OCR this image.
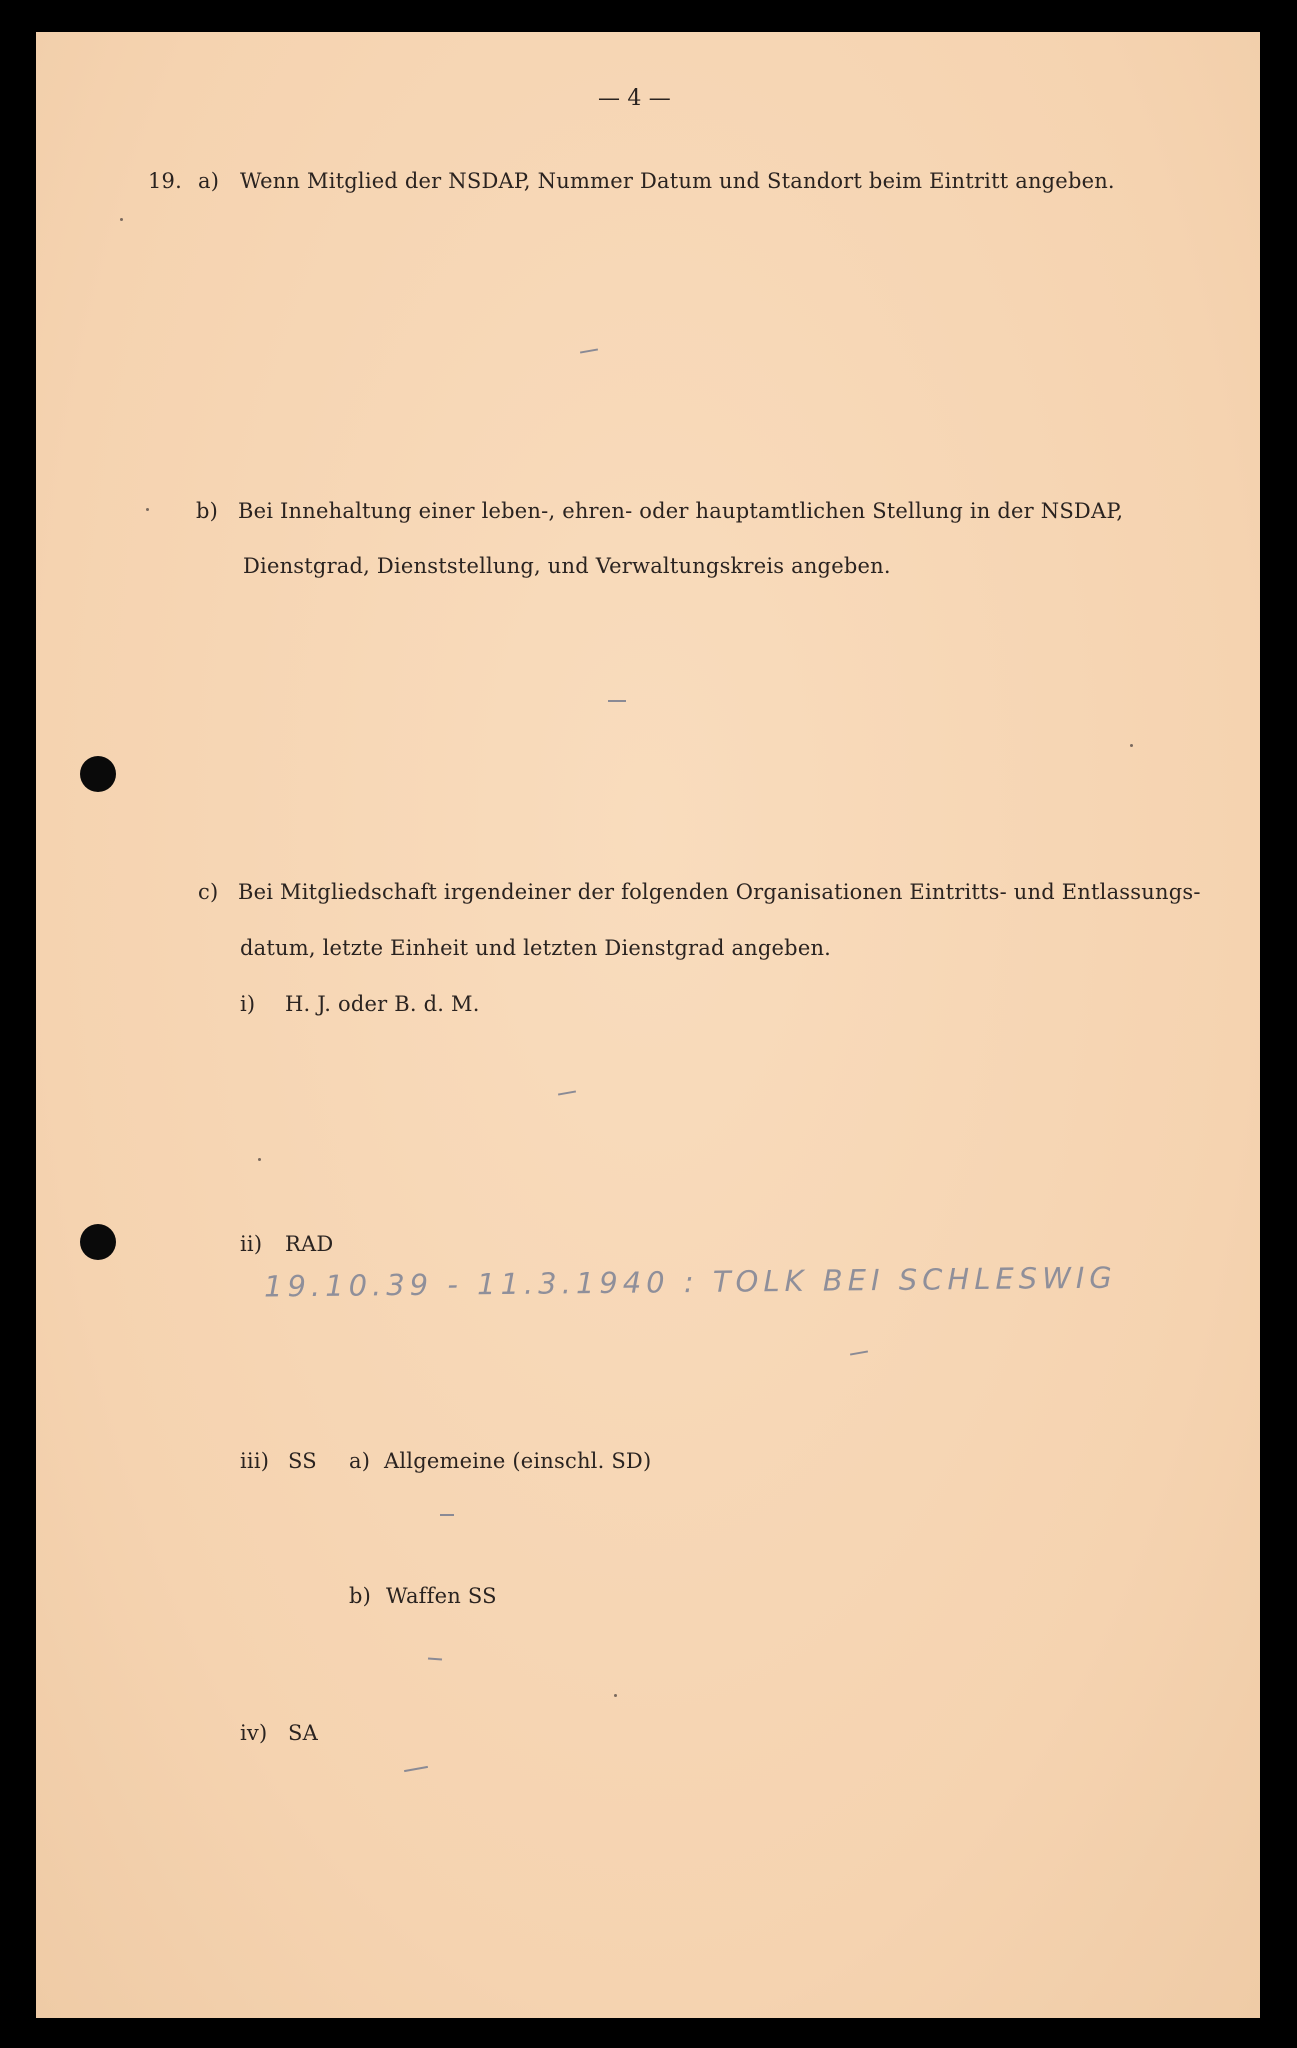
— 4 —

19. a) Wenn Mitglied der NSDAP, Nummer Datum und Standort beim Eintritt angeben.

b) Bei Innehaltung einer leben-, ehren- oder hauptamtlichen Stellung in der NSDAP,

Dienstgrad, Dienststellung, und Verwaltungskreis angeben.

c) Bei Mitgliedschaft irgendeiner der folgenden Organisationen Eintritts- und Entlassungs-

datum, letzte Einheit und letzten Dienstgrad angeben.

i) H. J. oder B. d. M.

ii) RAD

19.10.39 - 11.3.1940 : TOLK BEI SCHLESWIG

iii) SS a) Allgemeine (einschl. SD)

b) Waffen SS

iv) SA
